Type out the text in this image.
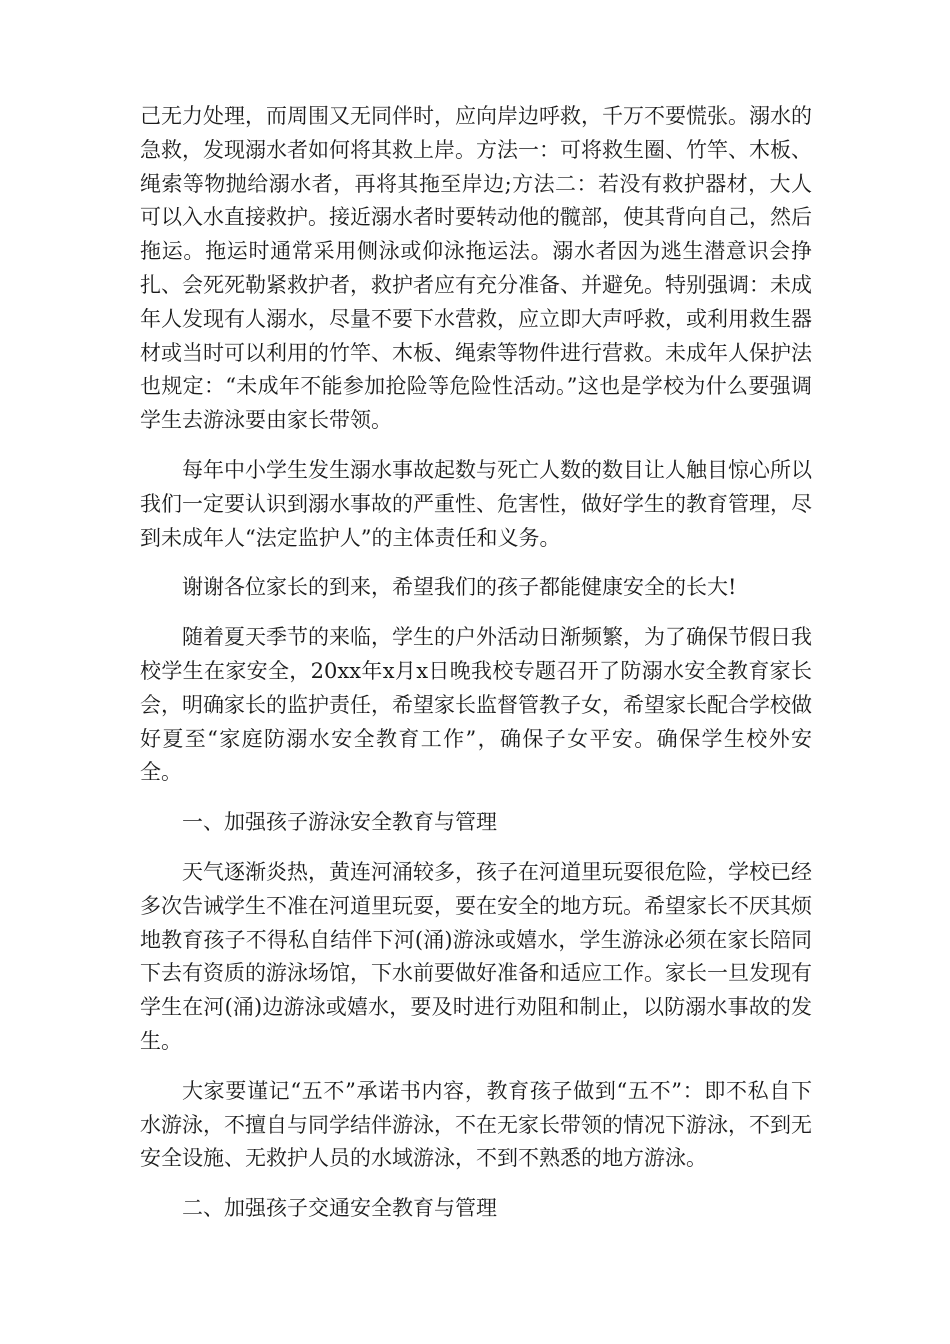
己无力处理，而周围又无同伴时，应向岸边呼救，千万不要慌张。溺水的急救，发现溺水者如何将其救上岸。方法一：可将救生圈、竹竿、木板、绳索等物抛给溺水者，再将其拖至岸边;方法二：若没有救护器材，大人可以入水直接救护。接近溺水者时要转动他的髋部，使其背向自己，然后拖运。拖运时通常采用侧泳或仰泳拖运法。溺水者因为逃生潜意识会挣扎、会死死勒紧救护者，救护者应有充分准备、并避免。特别强调：未成年人发现有人溺水，尽量不要下水营救，应立即大声呼救，或利用救生器材或当时可以利用的竹竿、木板、绳索等物件进行营救。未成年人保护法也规定：“未成年不能参加抢险等危险性活动。”这也是学校为什么要强调学生去游泳要由家长带领。

每年中小学生发生溺水事故起数与死亡人数的数目让人触目惊心所以我们一定要认识到溺水事故的严重性、危害性，做好学生的教育管理，尽到未成年人“法定监护人”的主体责任和义务。

谢谢各位家长的到来，希望我们的孩子都能健康安全的长大!

随着夏天季节的来临，学生的户外活动日渐频繁，为了确保节假日我校学生在家安全，20xx年x月x日晚我校专题召开了防溺水安全教育家长会，明确家长的监护责任，希望家长监督管教子女，希望家长配合学校做好夏至“家庭防溺水安全教育工作”，确保子女平安。确保学生校外安全。

一、加强孩子游泳安全教育与管理

天气逐渐炎热，黄连河涌较多，孩子在河道里玩耍很危险，学校已经多次告诫学生不准在河道里玩耍，要在安全的地方玩。希望家长不厌其烦地教育孩子不得私自结伴下河(涌)游泳或嬉水，学生游泳必须在家长陪同下去有资质的游泳场馆，下水前要做好准备和适应工作。家长一旦发现有学生在河(涌)边游泳或嬉水，要及时进行劝阻和制止，以防溺水事故的发生。

大家要谨记“五不”承诺书内容，教育孩子做到“五不”：即不私自下水游泳，不擅自与同学结伴游泳，不在无家长带领的情况下游泳，不到无安全设施、无救护人员的水域游泳，不到不熟悉的地方游泳。

二、加强孩子交通安全教育与管理
